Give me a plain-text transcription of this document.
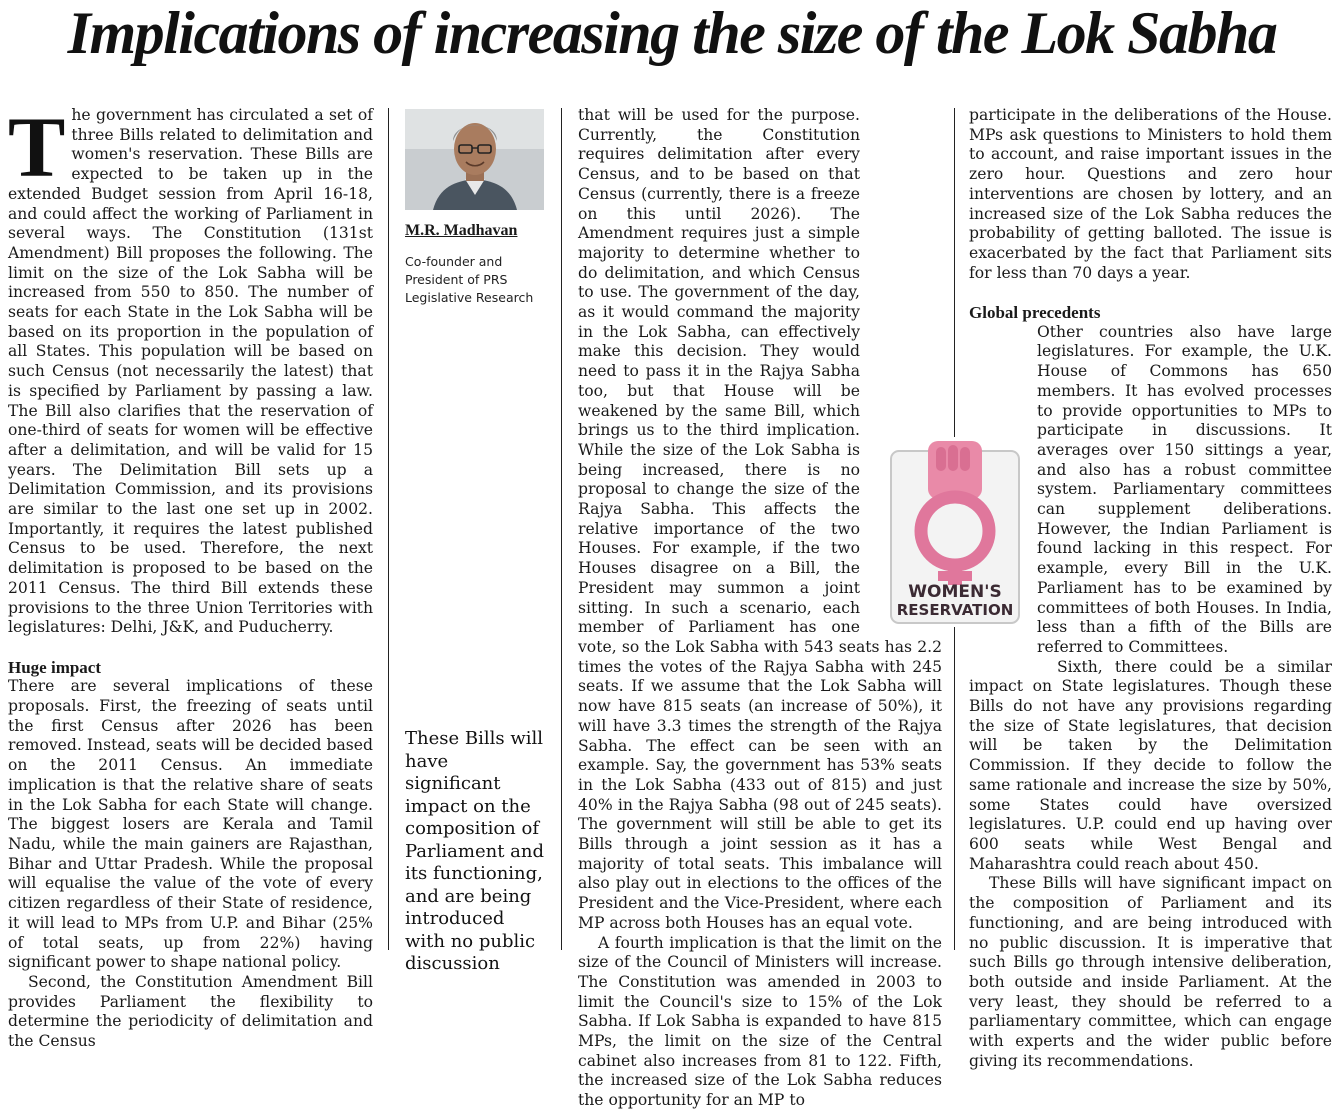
Implications of increasing the size of the Lok Sabha

The government has circulated a set of three Bills related to delimitation and women's reservation. These Bills are expected to be taken up in the extended Budget session from April 16-18, and could affect the working of Parliament in several ways. The Constitution (131st Amendment) Bill proposes the following. The limit on the size of the Lok Sabha will be increased from 550 to 850. The number of seats for each State in the Lok Sabha will be based on its proportion in the population of all States. This population will be based on such Census (not necessarily the latest) that is specified by Parliament by passing a law. The Bill also clarifies that the reservation of one-third of seats for women will be effective after a delimitation, and will be valid for 15 years. The Delimitation Bill sets up a Delimitation Commission, and its provisions are similar to the last one set up in 2002. Importantly, it requires the latest published Census to be used. Therefore, the next delimitation is proposed to be based on the 2011 Census. The third Bill extends these provisions to the three Union Territories with legislatures: Delhi, J&K, and Puducherry.

Huge impact

There are several implications of these proposals. First, the freezing of seats until the first Census after 2026 has been removed. Instead, seats will be decided based on the 2011 Census. An immediate implication is that the relative share of seats in the Lok Sabha for each State will change. The biggest losers are Kerala and Tamil Nadu, while the main gainers are Rajasthan, Bihar and Uttar Pradesh. While the proposal will equalise the value of the vote of every citizen regardless of their State of residence, it will lead to MPs from U.P. and Bihar (25% of total seats, up from 22%) having significant power to shape national policy.

Second, the Constitution Amendment Bill provides Parliament the flexibility to determine the periodicity of delimitation and the Census

M.R. Madhavan
Co-founder and President of PRS Legislative Research
These Bills will have significant impact on the composition of Parliament and its functioning, and are being introduced with no public discussion

that will be used for the purpose. Currently, the Constitution requires delimitation after every Census, and to be based on that Census (currently, there is a freeze on this until 2026). The Amendment requires just a simple majority to determine whether to do delimitation, and which Census to use. The government of the day, as it would command the majority in the Lok Sabha, can effectively make this decision. They would need to pass it in the Rajya Sabha too, but that House will be weakened by the same Bill, which brings us to the third implication. While the size of the Lok Sabha is being increased, there is no proposal to change the size of the Rajya Sabha. This affects the relative importance of the two Houses. For example, if the two Houses disagree on a Bill, the President may summon a joint sitting. In such a scenario, each member of Parliament has one vote, so the Lok Sabha with 543 seats has 2.2 times the votes of the Rajya Sabha with 245 seats. If we assume that the Lok Sabha will now have 815 seats (an increase of 50%), it will have 3.3 times the strength of the Rajya Sabha. The effect can be seen with an example. Say, the government has 53% seats in the Lok Sabha (433 out of 815) and just 40% in the Rajya Sabha (98 out of 245 seats). The government will still be able to get its Bills through a joint session as it has a majority of total seats. This imbalance will also play out in elections to the offices of the President and the Vice-President, where each MP across both Houses has an equal vote.

A fourth implication is that the limit on the size of the Council of Ministers will increase. The Constitution was amended in 2003 to limit the Council's size to 15% of the Lok Sabha. If Lok Sabha is expanded to have 815 MPs, the limit on the size of the Central cabinet also increases from 81 to 122. Fifth, the increased size of the Lok Sabha reduces the opportunity for an MP to

participate in the deliberations of the House. MPs ask questions to Ministers to hold them to account, and raise important issues in the zero hour. Questions and zero hour interventions are chosen by lottery, and an increased size of the Lok Sabha reduces the probability of getting balloted. The issue is exacerbated by the fact that Parliament sits for less than 70 days a year.

Global precedents

Other countries also have large legislatures. For example, the U.K. House of Commons has 650 members. It has evolved processes to provide opportunities to MPs to participate in discussions. It averages over 150 sittings a year, and also has a robust committee system. Parliamentary committees can supplement deliberations. However, the Indian Parliament is found lacking in this respect. For example, every Bill in the U.K. Parliament has to be examined by committees of both Houses. In India, less than a fifth of the Bills are referred to Committees.

Sixth, there could be a similar impact on State legislatures. Though these Bills do not have any provisions regarding the size of State legislatures, that decision will be taken by the Delimitation Commission. If they decide to follow the same rationale and increase the size by 50%, some States could have oversized legislatures. U.P. could end up having over 600 seats while West Bengal and Maharashtra could reach about 450.

These Bills will have significant impact on the composition of Parliament and its functioning, and are being introduced with no public discussion. It is imperative that such Bills go through intensive deliberation, both outside and inside Parliament. At the very least, they should be referred to a parliamentary committee, which can engage with experts and the wider public before giving its recommendations.

WOMEN'S
RESERVATION
